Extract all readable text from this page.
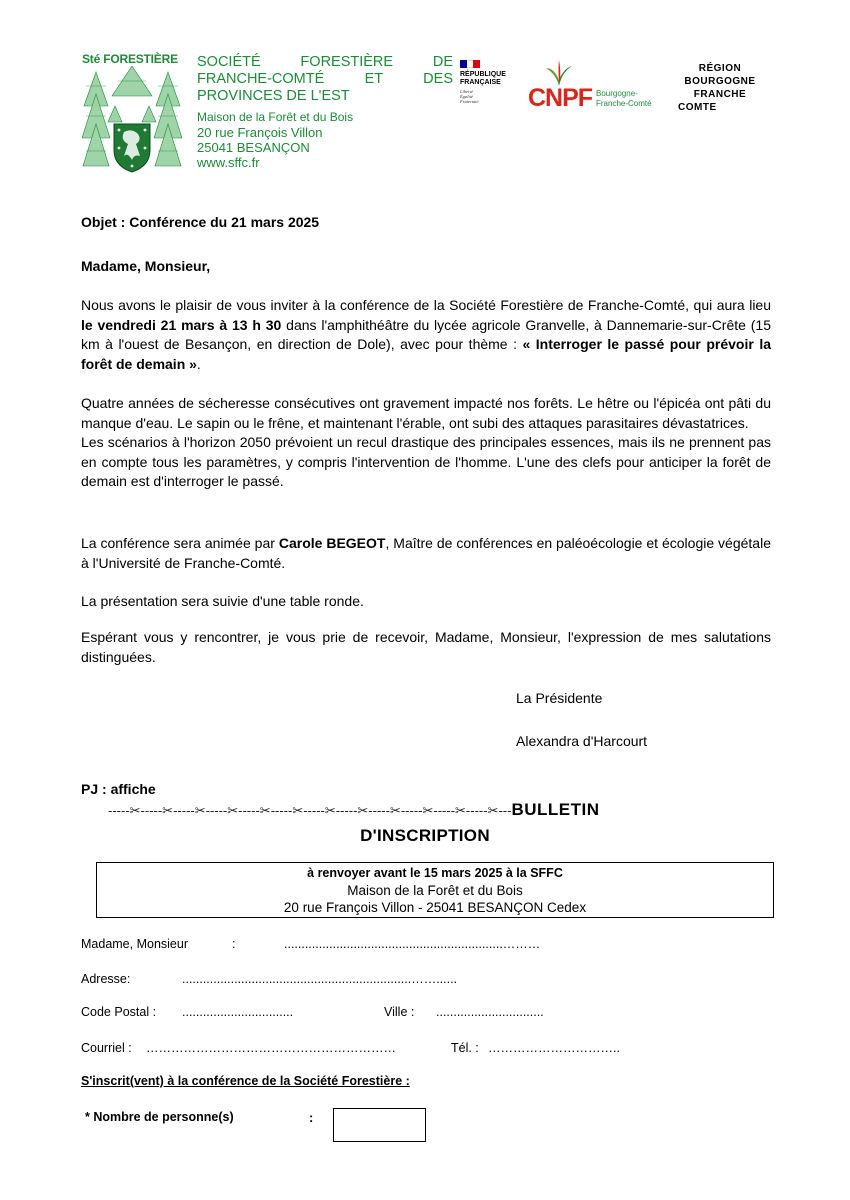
Sté FORESTIÈRE SOCIÉTÉ FORESTIÈRE DE
FRANCHE-COMTÉ ET DES
PROVINCES DE L'EST
Maison de la Forêt et du Bois
20 rue François Villon
25041 BESANÇON
www.sffc.fr
RÉPUBLIQUE
FRANÇAISE
Liberté
Égalité
Fraternité	CNPF Bourgogne-
Franche-Comté
RÉGION
BOURGOGNE
FRANCHE
COMTE
Objet : Conférence du 21 mars 2025
Madame, Monsieur,
Nous avons le plaisir de vous inviter à la conférence de la Société Forestière de Franche-Comté, qui aura lieu le vendredi 21 mars à 13 h 30 dans l'amphithéâtre du lycée agricole Granvelle, à Dannemarie-sur-Crête (15 km à l'ouest de Besançon, en direction de Dole), avec pour thème : « Interroger le passé pour prévoir la forêt de demain ».
Quatre années de sécheresse consécutives ont gravement impacté nos forêts. Le hêtre ou l'épicéa ont pâti du manque d'eau. Le sapin ou le frêne, et maintenant l'érable, ont subi des attaques parasitaires dévastatrices.
Les scénarios à l'horizon 2050 prévoient un recul drastique des principales essences, mais ils ne prennent pas en compte tous les paramètres, y compris l'intervention de l'homme. L'une des clefs pour anticiper la forêt de demain est d'interroger le passé.
La conférence sera animée par Carole BEGEOT, Maître de conférences en paléoécologie et écologie végétale à l'Université de Franche-Comté.
La présentation sera suivie d'une table ronde.
Espérant vous y rencontrer, je vous prie de recevoir, Madame, Monsieur, l'expression de mes salutations distinguées.
La Présidente
Alexandra d'Harcourt
PJ : affiche
-----✂-----✂-----✂-----✂-----✂-----✂-----✂-----✂-----✂-----✂-----✂-----✂---BULLETIN
D'INSCRIPTION
à renvoyer avant le 15 mars 2025 à la SFFC
Maison de la Forêt et du Bois
20 rue François Villon - 25041 BESANÇON Cedex
Madame, Monsieur	:	...............................................................………
Adresse:	..................................................................……......
Code Postal : ................................	Ville : ...............................
Courriel : ……………………………………………………	Tél. : …………………………..
S'inscrit(vent) à la conférence de la Société Forestière :
* Nombre de personne(s)	:
